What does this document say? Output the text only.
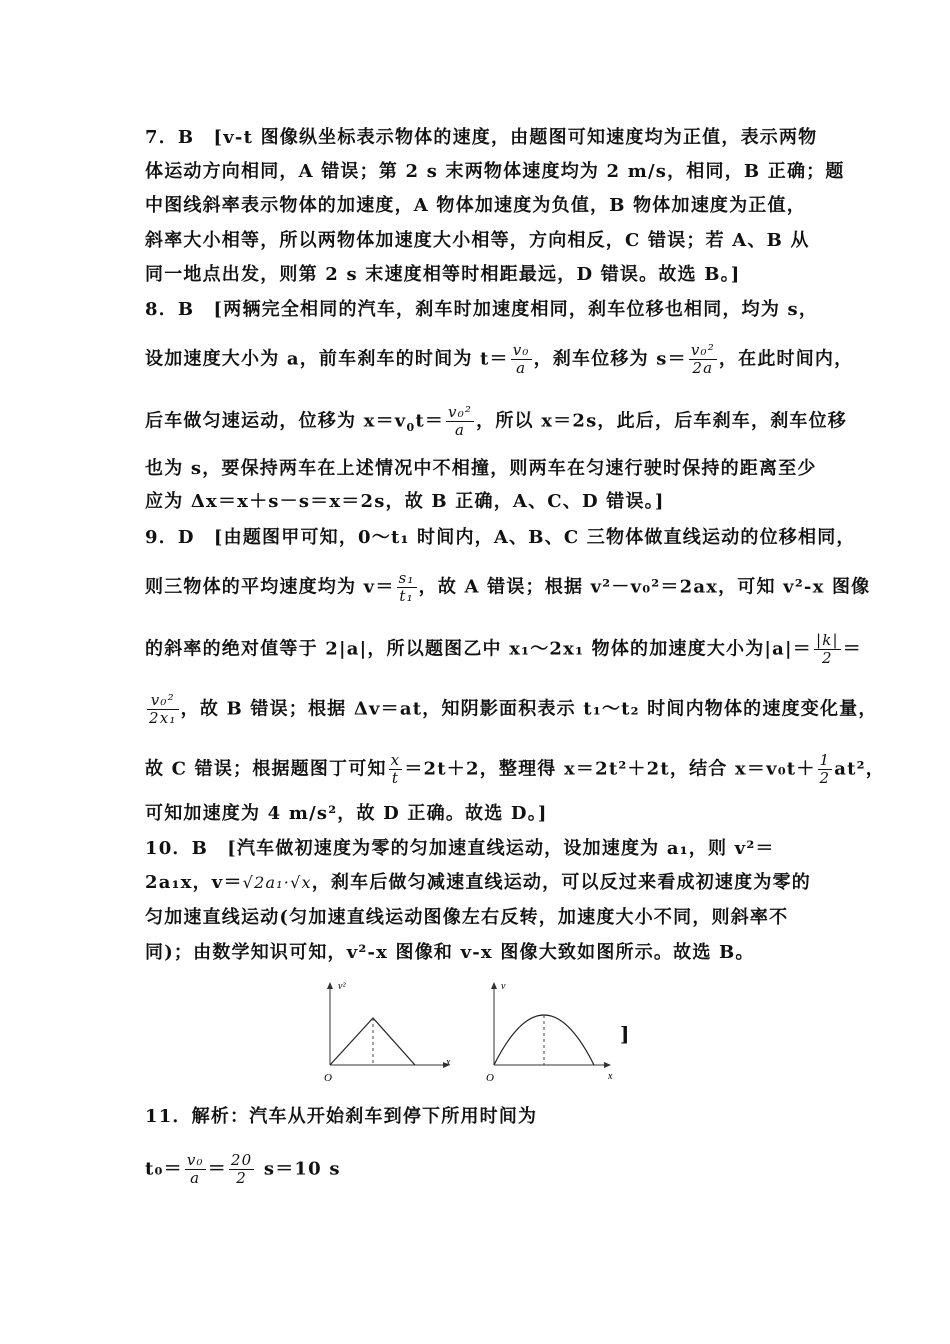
7．B　[v-t 图像纵坐标表示物体的速度，由题图可知速度均为正值，表示两物
体运动方向相同，A 错误；第 2 s 末两物体速度均为 2 m/s，相同，B 正确；题
中图线斜率表示物体的加速度，A 物体加速度为负值，B 物体加速度为正值，
斜率大小相等，所以两物体加速度大小相等，方向相反，C 错误；若 A、B 从
同一地点出发，则第 2 s 末速度相等时相距最远，D 错误。故选 B。]
8．B　[两辆完全相同的汽车，刹车时加速度相同，刹车位移也相同，均为 s，
设加速度大小为 a，前车刹车的时间为 $t= \frac{\text{v₀}}{a}$ ，刹车位移为 $s= \frac{\text{v₀²}}{2a}$ ，在此时间内，
后车做匀速运动，位移为 $x=v_0t= \frac{\text{v₀²}}{a}$ ，所以 x＝2s，此后，后车刹车，刹车位移
也为 s，要保持两车在上述情况中不相撞，则两车在匀速行驶时保持的距离至少
应为 Δx＝x＋s－s＝x＝2s，故 B 正确，A、C、D 错误。]
9．D　[由题图甲可知，0～t₁ 时间内，A、B、C 三物体做直线运动的位移相同，
则三物体的平均速度均为 $v= \frac{\text{s₁}}{\text{t₁}}$ ，故 A 错误；根据 v²－v₀²＝2ax，可知 v²-x 图像
的斜率的绝对值等于 2|a|，所以题图乙中 x₁～2x₁ 物体的加速度大小为$|a|= \frac{|k|}{2}$ ＝
$\frac{\text{v₀²}}{\text{2x₁}}$ ，故 B 错误；根据 Δv＝at，知阴影面积表示 t₁～t₂ 时间内物体的速度变化量，
故 C 错误；根据题图丁可知 $\frac{x}{t} =2t+2$，整理得 x＝2t²＋2t，结合 $x=v_0t+ \frac{1}{2} at^2$，
可知加速度为 4 m/s²，故 D 正确。故选 D。]
10．B　[汽车做初速度为零的匀加速直线运动，设加速度为 a₁，则 v²＝
2a₁x，v＝√2a₁·√x，刹车后做匀减速直线运动，可以反过来看成初速度为零的
匀加速直线运动(匀加速直线运动图像左右反转，加速度大小不同，则斜率不
同)；由数学知识可知，v²-x 图像和 v-x 图像大致如图所示。故选 B。
v²
x
O
v
x
O
]
11．解析：汽车从开始刹车到停下所用时间为
$t_0= \frac{\text{v₀}}{a} = \frac{20}{2} s=10$ s
